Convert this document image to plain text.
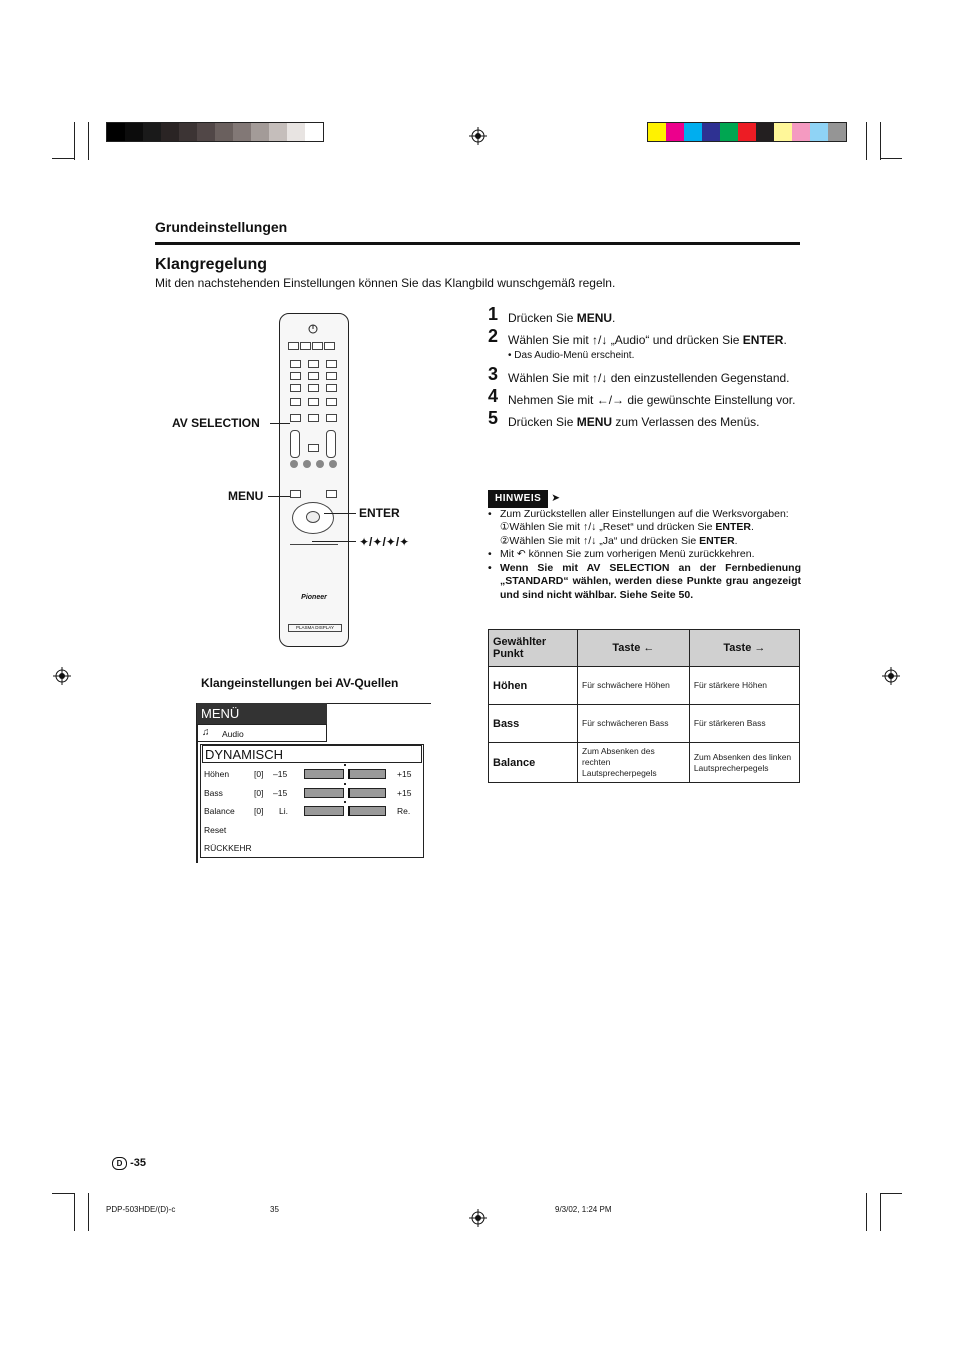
Grundeinstellungen
Klangregelung
Mit den nachstehenden Einstellungen können Sie das Klangbild wunschgemäß regeln.
Pioneer
PLASMA DISPLAY
AV SELECTION
MENU
ENTER
✦/✦/✦/✦
1 Drücken Sie MENU.
2 Wählen Sie mit ↑/↓ „Audio“ und drücken Sie ENTER.
• Das Audio-Menü erscheint.
3 Wählen Sie mit ↑/↓ den einzustellenden Gegenstand.
4 Nehmen Sie mit ←/→ die gewünschte Einstellung vor.
5 Drücken Sie MENU zum Verlassen des Menüs.
HINWEIS ➤
• Zum Zurückstellen aller Einstellungen auf die Werksvorgaben:
①Wählen Sie mit ↑/↓ „Reset“ und drücken Sie ENTER.
②Wählen Sie mit ↑/↓ „Ja“ und drücken Sie ENTER.
• Mit ↶ können Sie zum vorherigen Menü zurückkehren.
• Wenn Sie mit AV SELECTION an der Fernbedienung „STANDARD“ wählen, werden diese Punkte grau angezeigt und sind nicht wählbar. Siehe Seite 50.
Gewählter Punkt	Taste ←	Taste →
Höhen	Für schwächere Höhen	Für stärkere Höhen
Bass	Für schwächeren Bass	Für stärkeren Bass
Balance	Zum Absenken des rechten Lautsprecherpegels	Zum Absenken des linken Lautsprecherpegels
Klangeinstellungen bei AV-Quellen
MENÜ
♫ Audio
DYNAMISCH
Höhen	[0] –15	+15
Bass	[0] –15	+15
Balance [0] Li.	Re.
Reset
RÜCKKEHR
D -35
PDP-503HDE/(D)-c	35	9/3/02, 1:24 PM
